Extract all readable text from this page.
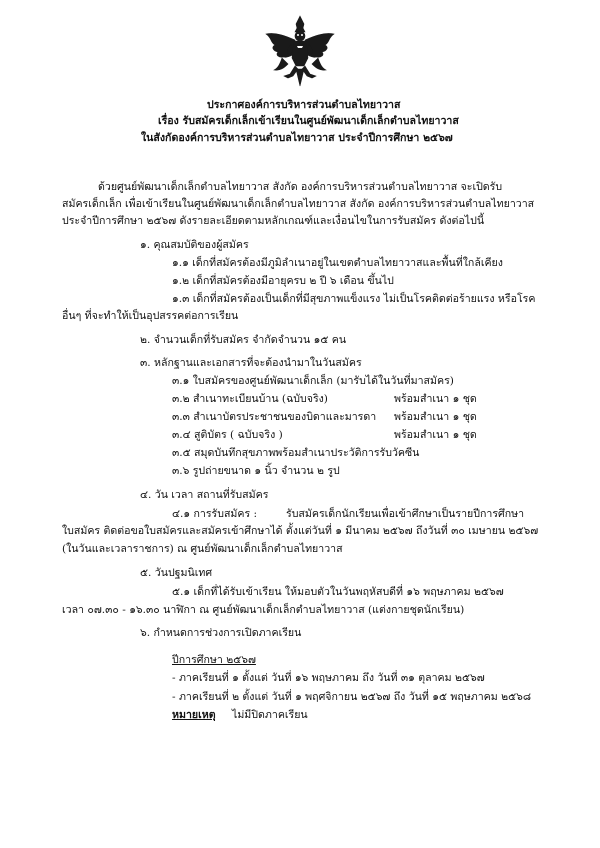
ประกาศองค์การบริหารส่วนตำบลไทยาวาส
เรื่อง รับสมัครเด็กเล็กเข้าเรียนในศูนย์พัฒนาเด็กเล็กตำบลไทยาวาส
ในสังกัดองค์การบริหารส่วนตำบลไทยาวาส ประจำปีการศึกษา ๒๕๖๗
ด้วยศูนย์พัฒนาเด็กเล็กตำบลไทยาวาส สังกัด องค์การบริหารส่วนตำบลไทยาวาส จะเปิดรับ
สมัครเด็กเล็ก เพื่อเข้าเรียนในศูนย์พัฒนาเด็กเล็กตำบลไทยาวาส สังกัด องค์การบริหารส่วนตำบลไทยาวาส
ประจำปีการศึกษา ๒๕๖๗ ดังรายละเอียดตามหลักเกณฑ์และเงื่อนไขในการรับสมัคร ดังต่อไปนี้
๑. คุณสมบัติของผู้สมัคร
๑.๑ เด็กที่สมัครต้องมีภูมิลำเนาอยู่ในเขตตำบลไทยาวาสและพื้นที่ใกล้เคียง
๑.๒ เด็กที่สมัครต้องมีอายุครบ ๒ ปี ๖ เดือน ขึ้นไป
๑.๓ เด็กที่สมัครต้องเป็นเด็กที่มีสุขภาพแข็งแรง ไม่เป็นโรคติดต่อร้ายแรง หรือโรค
อื่นๆ ที่จะทำให้เป็นอุปสรรคต่อการเรียน
๒. จำนวนเด็กที่รับสมัคร จำกัดจำนวน ๑๕ คน
๓. หลักฐานและเอกสารที่จะต้องนำมาในวันสมัคร
๓.๑ ใบสมัครของศูนย์พัฒนาเด็กเล็ก (มารับได้ในวันที่มาสมัคร)
๓.๒ สำเนาทะเบียนบ้าน (ฉบับจริง)	พร้อมสำเนา ๑ ชุด
๓.๓ สำเนาบัตรประชาชนของบิดาและมารดา พร้อมสำเนา ๑ ชุด
๓.๔ สูติบัตร ( ฉบับจริง )	พร้อมสำเนา ๑ ชุด
๓.๕ สมุดบันทึกสุขภาพพร้อมสำเนาประวัติการรับวัคซีน
๓.๖ รูปถ่ายขนาด ๑ นิ้ว จำนวน ๒ รูป
๔. วัน เวลา สถานที่รับสมัคร
๔.๑ การรับสมัคร :	รับสมัครเด็กนักเรียนเพื่อเข้าศึกษาเป็นรายปีการศึกษา
ใบสมัคร ติดต่อขอใบสมัครและสมัครเข้าศึกษาได้ ตั้งแต่วันที่ ๑ มีนาคม ๒๕๖๗ ถึงวันที่ ๓๐ เมษายน ๒๕๖๗
(ในวันและเวลาราชการ) ณ ศูนย์พัฒนาเด็กเล็กตำบลไทยาวาส
๕. วันปฐมนิเทศ
๕.๑ เด็กที่ได้รับเข้าเรียน ให้มอบตัวในวันพฤหัสบดีที่ ๑๖ พฤษภาคม ๒๕๖๗
เวลา ๐๗.๓๐ - ๑๖.๓๐ นาฬิกา ณ ศูนย์พัฒนาเด็กเล็กตำบลไทยาวาส (แต่งกายชุดนักเรียน)
๖. กำหนดการช่วงการเปิดภาคเรียน
ปีการศึกษา ๒๕๖๗
- ภาคเรียนที่ ๑ ตั้งแต่ วันที่ ๑๖ พฤษภาคม ถึง วันที่ ๓๑ ตุลาคม ๒๕๖๗
- ภาคเรียนที่ ๒ ตั้งแต่ วันที่ ๑ พฤศจิกายน ๒๕๖๗ ถึง วันที่ ๑๕ พฤษภาคม ๒๕๖๘
หมายเหตุ ไม่มีปิดภาคเรียน
